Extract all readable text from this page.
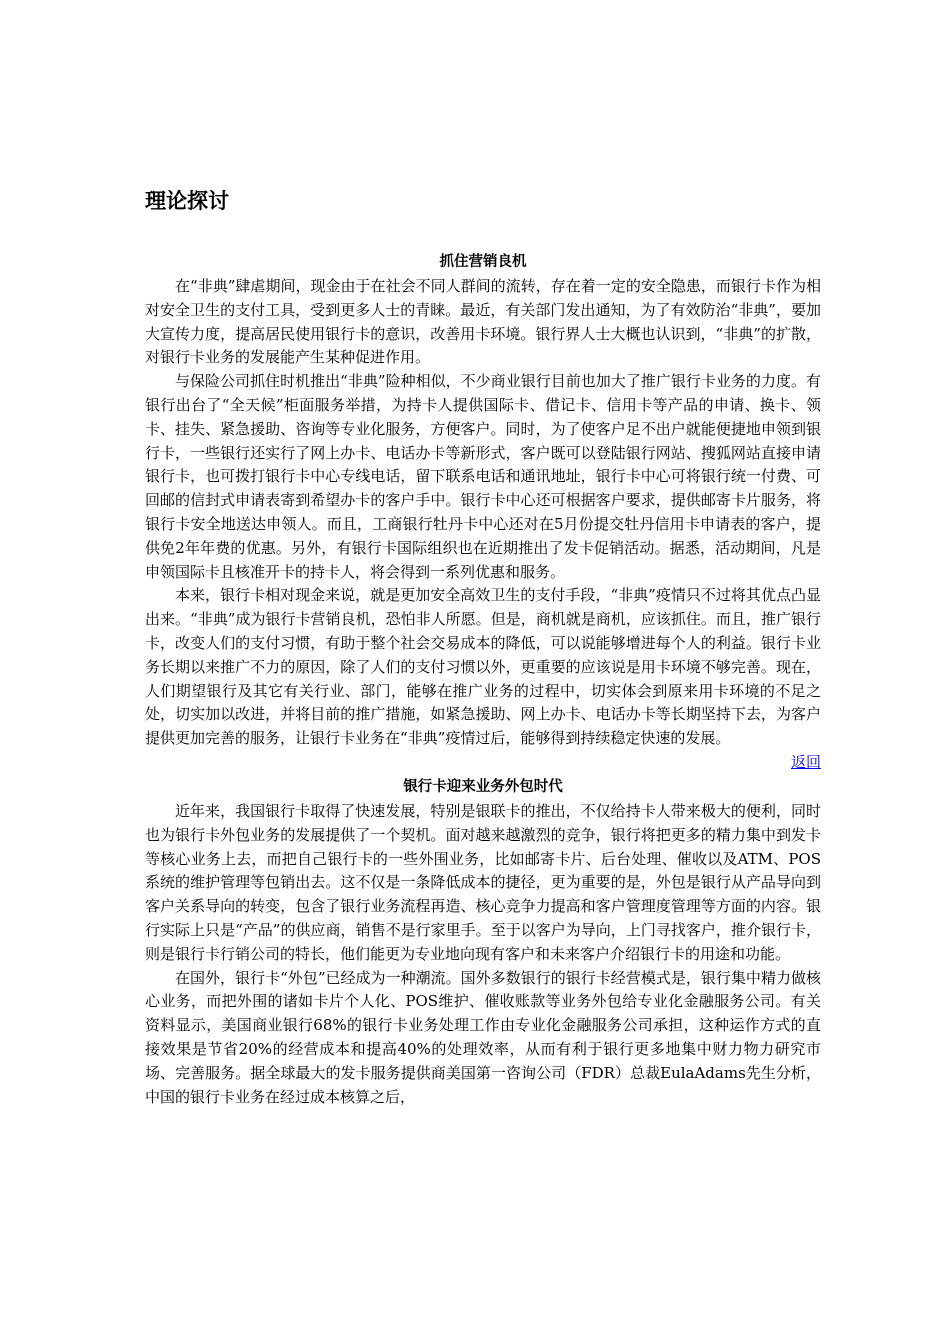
理论探讨
抓住营销良机

在“非典”肆虐期间，现金由于在社会不同人群间的流转，存在着一定的安全隐患，而银行卡作为相对安全卫生的支付工具，受到更多人士的青睐。最近，有关部门发出通知，为了有效防治“非典”，要加大宣传力度，提高居民使用银行卡的意识，改善用卡环境。银行界人士大概也认识到，“非典”的扩散，对银行卡业务的发展能产生某种促进作用。

与保险公司抓住时机推出“非典”险种相似，不少商业银行目前也加大了推广银行卡业务的力度。有银行出台了“全天候”柜面服务举措，为持卡人提供国际卡、借记卡、信用卡等产品的申请、换卡、领卡、挂失、紧急援助、咨询等专业化服务，方便客户。同时，为了使客户足不出户就能便捷地申领到银行卡，一些银行还实行了网上办卡、电话办卡等新形式，客户既可以登陆银行网站、搜狐网站直接申请银行卡，也可拨打银行卡中心专线电话，留下联系电话和通讯地址，银行卡中心可将银行统一付费、可回邮的信封式申请表寄到希望办卡的客户手中。银行卡中心还可根据客户要求，提供邮寄卡片服务，将银行卡安全地送达申领人。而且，工商银行牡丹卡中心还对在5月份提交牡丹信用卡申请表的客户，提供免2年年费的优惠。另外，有银行卡国际组织也在近期推出了发卡促销活动。据悉，活动期间，凡是申领国际卡且核准开卡的持卡人，将会得到一系列优惠和服务。

本来，银行卡相对现金来说，就是更加安全高效卫生的支付手段，“非典”疫情只不过将其优点凸显出来。“非典”成为银行卡营销良机，恐怕非人所愿。但是，商机就是商机，应该抓住。而且，推广银行卡，改变人们的支付习惯，有助于整个社会交易成本的降低，可以说能够增进每个人的利益。银行卡业务长期以来推广不力的原因，除了人们的支付习惯以外，更重要的应该说是用卡环境不够完善。现在，人们期望银行及其它有关行业、部门，能够在推广业务的过程中，切实体会到原来用卡环境的不足之处，切实加以改进，并将目前的推广措施，如紧急援助、网上办卡、电话办卡等长期坚持下去，为客户提供更加完善的服务，让银行卡业务在“非典”疫情过后，能够得到持续稳定快速的发展。

返回

银行卡迎来业务外包时代

近年来，我国银行卡取得了快速发展，特别是银联卡的推出，不仅给持卡人带来极大的便利，同时也为银行卡外包业务的发展提供了一个契机。面对越来越激烈的竞争，银行将把更多的精力集中到发卡等核心业务上去，而把自己银行卡的一些外围业务，比如邮寄卡片、后台处理、催收以及ATM、POS系统的维护管理等包销出去。这不仅是一条降低成本的捷径，更为重要的是，外包是银行从产品导向到客户关系导向的转变，包含了银行业务流程再造、核心竞争力提高和客户管理度管理等方面的内容。银行实际上只是“产品”的供应商，销售不是行家里手。至于以客户为导向，上门寻找客户，推介银行卡，则是银行卡行销公司的特长，他们能更为专业地向现有客户和未来客户介绍银行卡的用途和功能。

在国外，银行卡“外包”已经成为一种潮流。国外多数银行的银行卡经营模式是，银行集中精力做核心业务，而把外围的诸如卡片个人化、POS维护、催收账款等业务外包给专业化金融服务公司。有关资料显示，美国商业银行68%的银行卡业务处理工作由专业化金融服务公司承担，这种运作方式的直接效果是节省20%的经营成本和提高40%的处理效率，从而有利于银行更多地集中财力物力研究市场、完善服务。据全球最大的发卡服务提供商美国第一咨询公司（FDR）总裁EulaAdams先生分析，中国的银行卡业务在经过成本核算之后，
